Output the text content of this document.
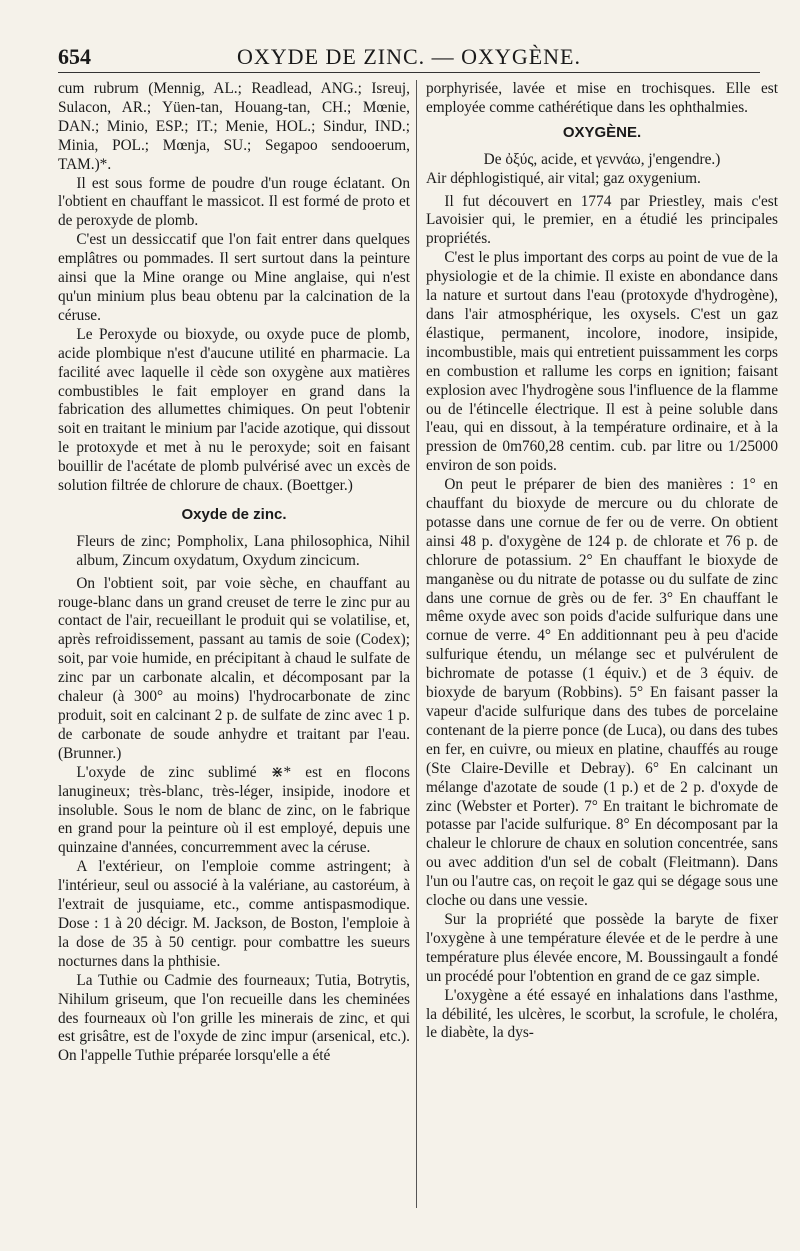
654	OXYDE DE ZINC. — OXYGÈNE.

cum rubrum (Mennig, AL.; Readlead, ANG.; Isreuj, Sulacon, AR.; Yüen-tan, Houang-tan, CH.; Mœnie, DAN.; Minio, ESP.; IT.; Menie, HOL.; Sindur, IND.; Minia, POL.; Mœnja, SU.; Segapoo sendooerum, TAM.)*.

Il est sous forme de poudre d'un rouge éclatant. On l'obtient en chauffant le massicot. Il est formé de proto et de peroxyde de plomb.

C'est un dessiccatif que l'on fait entrer dans quelques emplâtres ou pommades. Il sert surtout dans la peinture ainsi que la Mine orange ou Mine anglaise, qui n'est qu'un minium plus beau obtenu par la calcination de la céruse.

Le Peroxyde ou bioxyde, ou oxyde puce de plomb, acide plombique n'est d'aucune utilité en pharmacie. La facilité avec laquelle il cède son oxygène aux matières combustibles le fait employer en grand dans la fabrication des allumettes chimiques. On peut l'obtenir soit en traitant le minium par l'acide azotique, qui dissout le protoxyde et met à nu le peroxyde; soit en faisant bouillir de l'acétate de plomb pulvérisé avec un excès de solution filtrée de chlorure de chaux. (Boettger.)

Oxyde de zinc.

Fleurs de zinc; Pompholix, Lana philosophica, Nihil album, Zincum oxydatum, Oxydum zincicum.

On l'obtient soit, par voie sèche, en chauffant au rouge-blanc dans un grand creuset de terre le zinc pur au contact de l'air, recueillant le produit qui se volatilise, et, après refroidissement, passant au tamis de soie (Codex); soit, par voie humide, en précipitant à chaud le sulfate de zinc par un carbonate alcalin, et décomposant par la chaleur (à 300° au moins) l'hydrocarbonate de zinc produit, soit en calcinant 2 p. de sulfate de zinc avec 1 p. de carbonate de soude anhydre et traitant par l'eau. (Brunner.)

L'oxyde de zinc sublimé ⋇* est en flocons lanugineux; très-blanc, très-léger, insipide, inodore et insoluble. Sous le nom de blanc de zinc, on le fabrique en grand pour la peinture où il est employé, depuis une quinzaine d'années, concurremment avec la céruse.

A l'extérieur, on l'emploie comme astringent; à l'intérieur, seul ou associé à la valériane, au castoréum, à l'extrait de jusquiame, etc., comme antispasmodique. Dose : 1 à 20 décigr. M. Jackson, de Boston, l'emploie à la dose de 35 à 50 centigr. pour combattre les sueurs nocturnes dans la phthisie.

La Tuthie ou Cadmie des fourneaux; Tutia, Botrytis, Nihilum griseum, que l'on recueille dans les cheminées des fourneaux où l'on grille les minerais de zinc, et qui est grisâtre, est de l'oxyde de zinc impur (arsenical, etc.). On l'appelle Tuthie préparée lorsqu'elle a été

porphyrisée, lavée et mise en trochisques. Elle est employée comme cathérétique dans les ophthalmies.

OXYGÈNE.

De ὀξύς, acide, et γεννάω, j'engendre.)

Air déphlogistiqué, air vital; gaz oxygenium.

Il fut découvert en 1774 par Priestley, mais c'est Lavoisier qui, le premier, en a étudié les principales propriétés.

C'est le plus important des corps au point de vue de la physiologie et de la chimie. Il existe en abondance dans la nature et surtout dans l'eau (protoxyde d'hydrogène), dans l'air atmosphérique, les oxysels. C'est un gaz élastique, permanent, incolore, inodore, insipide, incombustible, mais qui entretient puissamment les corps en combustion et rallume les corps en ignition; faisant explosion avec l'hydrogène sous l'influence de la flamme ou de l'étincelle électrique. Il est à peine soluble dans l'eau, qui en dissout, à la température ordinaire, et à la pression de 0m760,28 centim. cub. par litre ou 1/25000 environ de son poids.

On peut le préparer de bien des manières : 1° en chauffant du bioxyde de mercure ou du chlorate de potasse dans une cornue de fer ou de verre. On obtient ainsi 48 p. d'oxygène de 124 p. de chlorate et 76 p. de chlorure de potassium. 2° En chauffant le bioxyde de manganèse ou du nitrate de potasse ou du sulfate de zinc dans une cornue de grès ou de fer. 3° En chauffant le même oxyde avec son poids d'acide sulfurique dans une cornue de verre. 4° En additionnant peu à peu d'acide sulfurique étendu, un mélange sec et pulvérulent de bichromate de potasse (1 équiv.) et de 3 équiv. de bioxyde de baryum (Robbins). 5° En faisant passer la vapeur d'acide sulfurique dans des tubes de porcelaine contenant de la pierre ponce (de Luca), ou dans des tubes en fer, en cuivre, ou mieux en platine, chauffés au rouge (Ste Claire-Deville et Debray). 6° En calcinant un mélange d'azotate de soude (1 p.) et de 2 p. d'oxyde de zinc (Webster et Porter). 7° En traitant le bichromate de potasse par l'acide sulfurique. 8° En décomposant par la chaleur le chlorure de chaux en solution concentrée, sans ou avec addition d'un sel de cobalt (Fleitmann). Dans l'un ou l'autre cas, on reçoit le gaz qui se dégage sous une cloche ou dans une vessie.

Sur la propriété que possède la baryte de fixer l'oxygène à une température élevée et de le perdre à une température plus élevée encore, M. Boussingault a fondé un procédé pour l'obtention en grand de ce gaz simple.

L'oxygène a été essayé en inhalations dans l'asthme, la débilité, les ulcères, le scorbut, la scrofule, le choléra, le diabète, la dys-
